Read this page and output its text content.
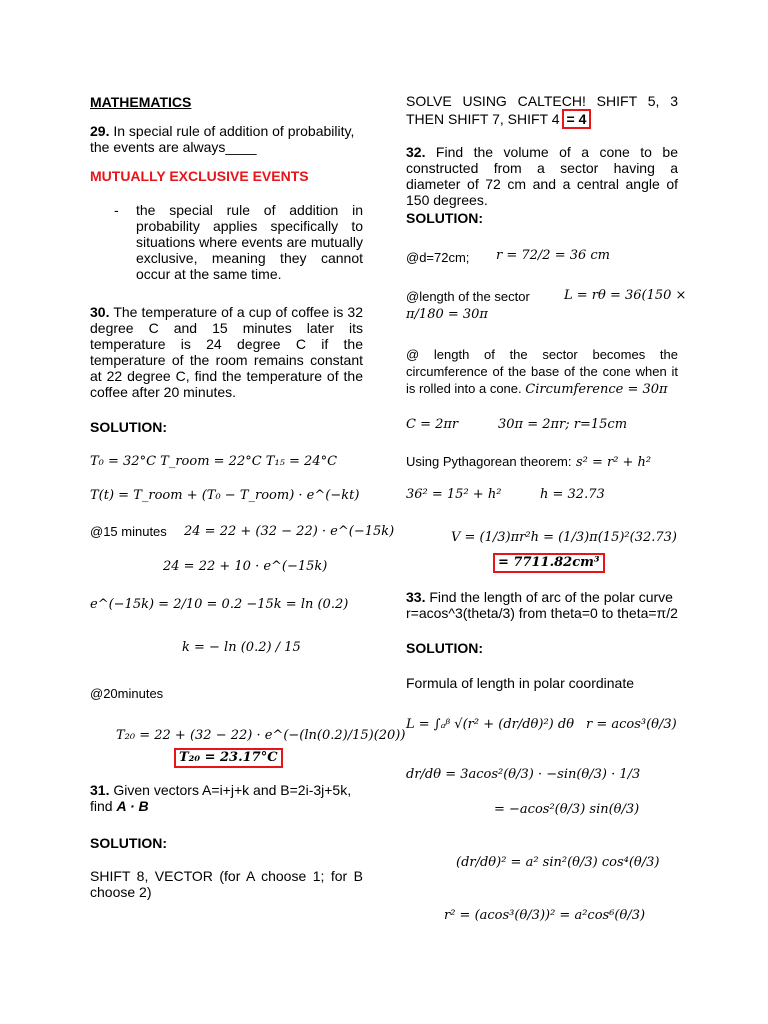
MATHEMATICS

29. In special rule of addition of probability, the events are always____

MUTUALLY EXCLUSIVE EVENTS

- the special rule of addition in probability applies specifically to situations where events are mutually exclusive, meaning they cannot occur at the same time.

30. The temperature of a cup of coffee is 32 degree C and 15 minutes later its temperature is 24 degree C if the temperature of the room remains constant at 22 degree C, find the temperature of the coffee after 20 minutes.

SOLUTION:

T₀ = 32°C T_room = 22°C T₁₅ = 24°C

T(t) = T_room + (T₀ − T_room) · e^(−kt)

@15 minutes 24 = 22 + (32 − 22) · e^(−15k)

24 = 22 + 10 · e^(−15k)

e^(−15k) = 2/10 = 0.2 −15k = ln (0.2)

k = − ln (0.2) / 15

@20minutes

T₂₀ = 22 + (32 − 22) · e^(−(ln(0.2)/15)(20))

T₂₀ = 23.17°C

31. Given vectors A=i+j+k and B=2i-3j+5k, find A · B

SOLUTION:

SHIFT 8, VECTOR (for A choose 1; for B choose 2)

SOLVE USING CALTECH! SHIFT 5, 3 THEN SHIFT 7, SHIFT 4 = 4

32. Find the volume of a cone to be constructed from a sector having a diameter of 72 cm and a central angle of 150 degrees.

SOLUTION:

@d=72cm; r = 72/2 = 36 cm

@length of the sector	L = rθ = 36(150 ×

π/180 = 30π

@ length of the sector becomes the circumference of the base of the cone when it is rolled into a cone. Circumference = 30π

C = 2πr	30π = 2πr; r=15cm

Using Pythagorean theorem: s² = r² + h²

36² = 15² + h²	h = 32.73

V = (1/3)πr²h = (1/3)π(15)²(32.73)

= 7711.82cm³

33. Find the length of arc of the polar curve r=acos^3(theta/3) from theta=0 to theta=π/2

SOLUTION:

Formula of length in polar coordinate

L = ∫ₐᵝ √(r² + (dr/dθ)²) dθ r = acos³(θ/3)

dr/dθ = 3acos²(θ/3) · −sin(θ/3) · 1/3

= −acos²(θ/3) sin(θ/3)

(dr/dθ)² = a² sin²(θ/3) cos⁴(θ/3)

r² = (acos³(θ/3))² = a²cos⁶(θ/3)
